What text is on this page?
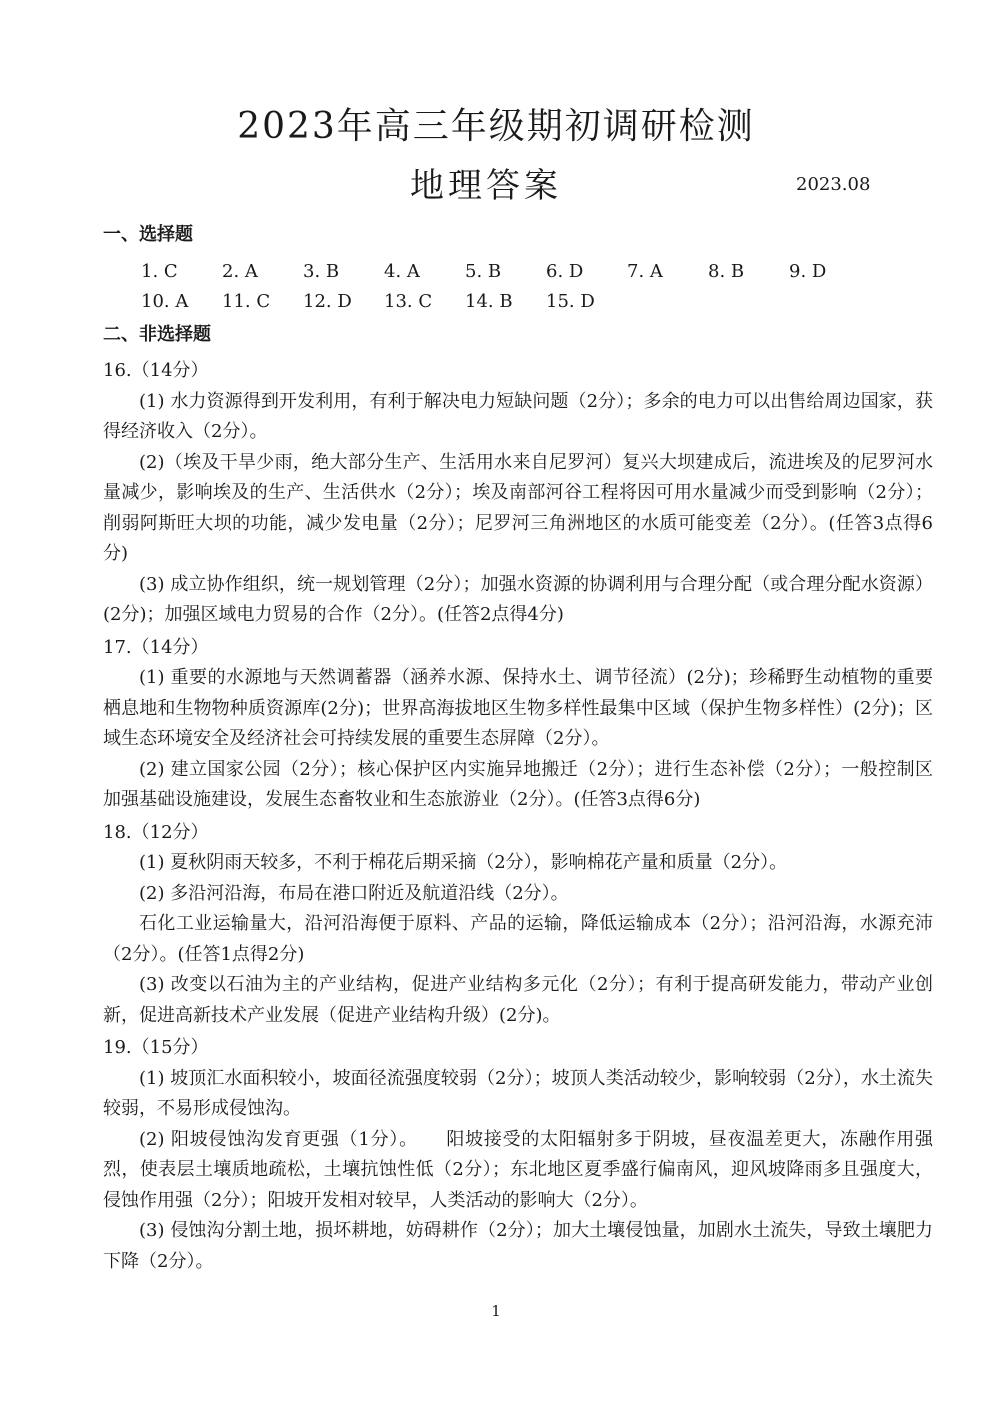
2023年高三年级期初调研检测
地理答案	2023.08
一、选择题
1. C 2. A	3. B 4. A	5. B 6. D 7. A	8. B 9. D
10. A 11. C 12. D 13. C 14. B 15. D
二、非选择题
16.（14分）

(1) 水力资源得到开发利用，有利于解决电力短缺问题（2分）；多余的电力可以出售给周边国家，获得经济收入（2分）。

(2)（埃及干旱少雨，绝大部分生产、生活用水来自尼罗河）复兴大坝建成后，流进埃及的尼罗河水量减少，影响埃及的生产、生活供水（2分）；埃及南部河谷工程将因可用水量减少而受到影响（2分）；削弱阿斯旺大坝的功能，减少发电量（2分）；尼罗河三角洲地区的水质可能变差（2分）。(任答3点得6分)

(3) 成立协作组织，统一规划管理（2分）；加强水资源的协调利用与合理分配（或合理分配水资源）(2分)；加强区域电力贸易的合作（2分）。(任答2点得4分)

17.（14分）

(1) 重要的水源地与天然调蓄器（涵养水源、保持水土、调节径流）(2分)；珍稀野生动植物的重要栖息地和生物物种质资源库(2分)；世界高海拔地区生物多样性最集中区域（保护生物多样性）(2分)；区域生态环境安全及经济社会可持续发展的重要生态屏障（2分）。

(2) 建立国家公园（2分）；核心保护区内实施异地搬迁（2分）；进行生态补偿（2分）；一般控制区加强基础设施建设，发展生态畜牧业和生态旅游业（2分）。(任答3点得6分)

18.（12分）

(1) 夏秋阴雨天较多，不利于棉花后期采摘（2分），影响棉花产量和质量（2分）。

(2) 多沿河沿海，布局在港口附近及航道沿线（2分）。

石化工业运输量大，沿河沿海便于原料、产品的运输，降低运输成本（2分）；沿河沿海，水源充沛（2分）。(任答1点得2分)

(3) 改变以石油为主的产业结构，促进产业结构多元化（2分）；有利于提高研发能力，带动产业创新，促进高新技术产业发展（促进产业结构升级）(2分)。

19.（15分）

(1) 坡顶汇水面积较小，坡面径流强度较弱（2分）；坡顶人类活动较少，影响较弱（2分），水土流失较弱，不易形成侵蚀沟。

(2) 阳坡侵蚀沟发育更强（1分）。　　阳坡接受的太阳辐射多于阴坡，昼夜温差更大，冻融作用强烈，使表层土壤质地疏松，土壤抗蚀性低（2分）；东北地区夏季盛行偏南风，迎风坡降雨多且强度大，侵蚀作用强（2分）；阳坡开发相对较早，人类活动的影响大（2分）。

(3) 侵蚀沟分割土地，损坏耕地，妨碍耕作（2分）；加大土壤侵蚀量，加剧水土流失，导致土壤肥力下降（2分）。

1
